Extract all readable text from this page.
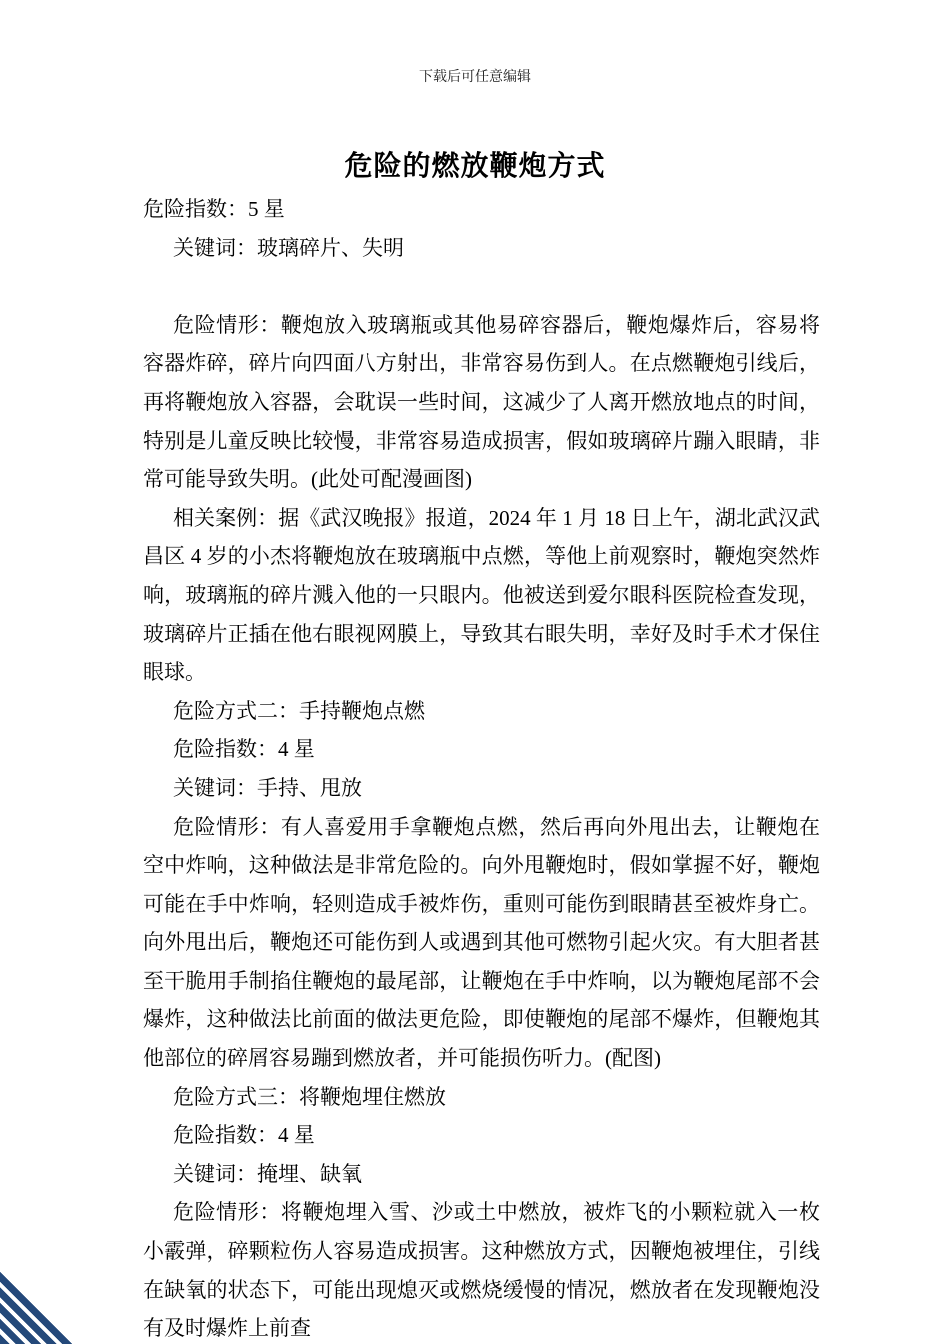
下载后可任意编辑
危险的燃放鞭炮方式

危险指数：5 星

关键词：玻璃碎片、失明

危险情形：鞭炮放入玻璃瓶或其他易碎容器后，鞭炮爆炸后，容易将容器炸碎，碎片向四面八方射出，非常容易伤到人。在点燃鞭炮引线后，再将鞭炮放入容器，会耽误一些时间，这减少了人离开燃放地点的时间，特别是儿童反映比较慢，非常容易造成损害，假如玻璃碎片蹦入眼睛，非常可能导致失明。(此处可配漫画图)

相关案例：据《武汉晚报》报道，2024 年 1 月 18 日上午，湖北武汉武昌区 4 岁的小杰将鞭炮放在玻璃瓶中点燃，等他上前观察时，鞭炮突然炸响，玻璃瓶的碎片溅入他的一只眼内。他被送到爱尔眼科医院检查发现，玻璃碎片正插在他右眼视网膜上，导致其右眼失明，幸好及时手术才保住眼球。

危险方式二：手持鞭炮点燃

危险指数：4 星

关键词：手持、甩放

危险情形：有人喜爱用手拿鞭炮点燃，然后再向外甩出去，让鞭炮在空中炸响，这种做法是非常危险的。向外甩鞭炮时，假如掌握不好，鞭炮可能在手中炸响，轻则造成手被炸伤，重则可能伤到眼睛甚至被炸身亡。向外甩出后，鞭炮还可能伤到人或遇到其他可燃物引起火灾。有大胆者甚至干脆用手制掐住鞭炮的最尾部，让鞭炮在手中炸响，以为鞭炮尾部不会爆炸，这种做法比前面的做法更危险，即使鞭炮的尾部不爆炸，但鞭炮其他部位的碎屑容易蹦到燃放者，并可能损伤听力。(配图)

危险方式三：将鞭炮埋住燃放

危险指数：4 星

关键词：掩埋、缺氧

危险情形：将鞭炮埋入雪、沙或土中燃放，被炸飞的小颗粒就入一枚小霰弹，碎颗粒伤人容易造成损害。这种燃放方式，因鞭炮被埋住，引线在缺氧的状态下，可能出现熄灭或燃烧缓慢的情况，燃放者在发现鞭炮没有及时爆炸上前查
